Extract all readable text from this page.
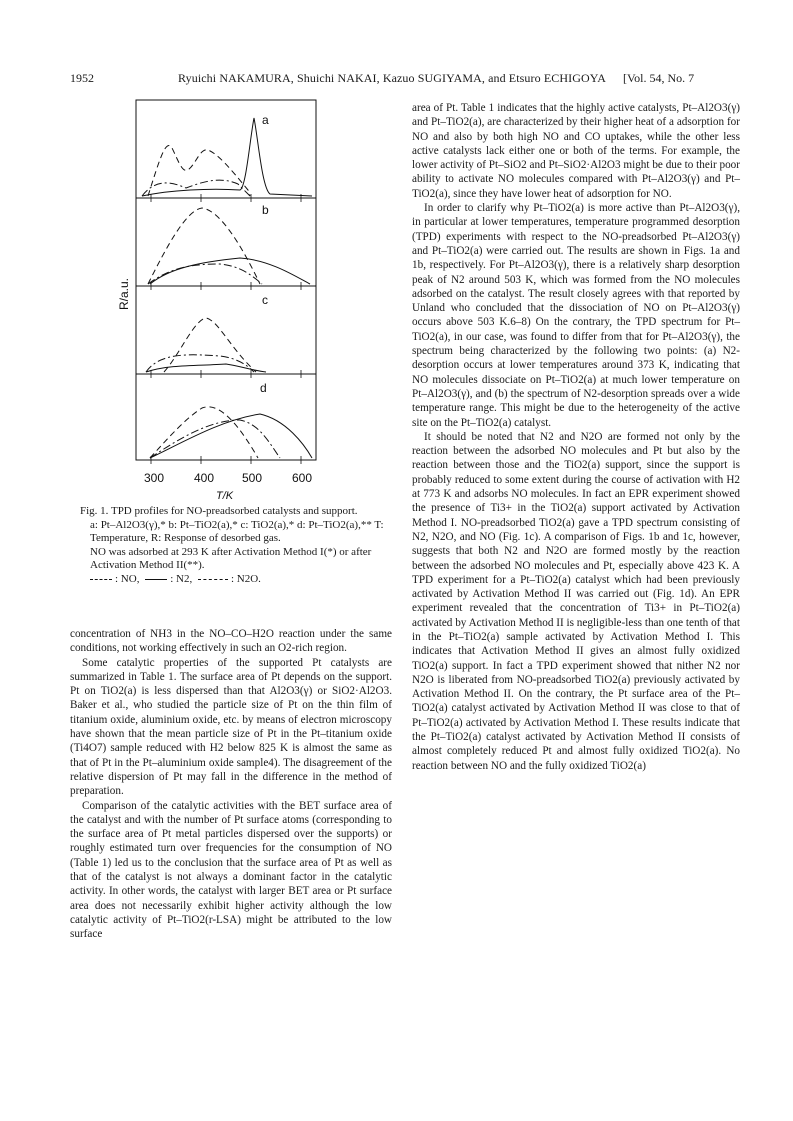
1952	Ryuichi NAKAMURA, Shuichi NAKAI, Kazuo SUGIYAMA, and Etsuro ECHIGOYA [Vol. 54, No. 7
a
b
c
d
300 400 500 600
T/K
R/a.u.
Fig. 1. TPD profiles for NO-preadsorbed catalysts and support.
a: Pt–Al2O3(γ),* b: Pt–TiO2(a),* c: TiO2(a),* d: Pt–TiO2(a),** T: Temperature, R: Response of desorbed gas.
NO was adsorbed at 293 K after Activation Method I(*) or after Activation Method II(**).
: NO,	: N2,	: N2O.

concentration of NH3 in the NO–CO–H2O reaction under the same conditions, not working effectively in such an O2-rich region.

Some catalytic properties of the supported Pt catalysts are summarized in Table 1. The surface area of Pt depends on the support. Pt on TiO2(a) is less dispersed than that Al2O3(γ) or SiO2·Al2O3. Baker et al., who studied the particle size of Pt on the thin film of titanium oxide, aluminium oxide, etc. by means of electron microscopy have shown that the mean particle size of Pt in the Pt–titanium oxide (Ti4O7) sample reduced with H2 below 825 K is almost the same as that of Pt in the Pt–aluminium oxide sample4). The disagreement of the relative dispersion of Pt may fall in the difference in the method of preparation.

Comparison of the catalytic activities with the BET surface area of the catalyst and with the number of Pt surface atoms (corresponding to the surface area of Pt metal particles dispersed over the supports) or roughly estimated turn over frequencies for the consumption of NO (Table 1) led us to the conclusion that the surface area of Pt as well as that of the catalyst is not always a dominant factor in the catalytic activity. In other words, the catalyst with larger BET area or Pt surface area does not necessarily exhibit higher activity although the low catalytic activity of Pt–TiO2(r-LSA) might be attributed to the low surface

area of Pt. Table 1 indicates that the highly active catalysts, Pt–Al2O3(γ) and Pt–TiO2(a), are characterized by their higher heat of a adsorption for NO and also by both high NO and CO uptakes, while the other less active catalysts lack either one or both of the terms. For example, the lower activity of Pt–SiO2 and Pt–SiO2·Al2O3 might be due to their poor ability to activate NO molecules compared with Pt–Al2O3(γ) and Pt–TiO2(a), since they have lower heat of adsorption for NO.

In order to clarify why Pt–TiO2(a) is more active than Pt–Al2O3(γ), in particular at lower temperatures, temperature programmed desorption (TPD) experiments with respect to the NO-preadsorbed Pt–Al2O3(γ) and Pt–TiO2(a) were carried out. The results are shown in Figs. 1a and 1b, respectively. For Pt–Al2O3(γ), there is a relatively sharp desorption peak of N2 around 503 K, which was formed from the NO molecules adsorbed on the catalyst. The result closely agrees with that reported by Unland who concluded that the dissociation of NO on Pt–Al2O3(γ) occurs above 503 K.6–8) On the contrary, the TPD spectrum for Pt–TiO2(a), in our case, was found to differ from that for Pt–Al2O3(γ), the spectrum being characterized by the following two points: (a) N2-desorption occurs at lower temperatures around 373 K, indicating that NO molecules dissociate on Pt–TiO2(a) at much lower temperature on Pt–Al2O3(γ), and (b) the spectrum of N2-desorption spreads over a wide temperature range. This might be due to the heterogeneity of the active site on the Pt–TiO2(a) catalyst.

It should be noted that N2 and N2O are formed not only by the reaction between the adsorbed NO molecules and Pt but also by the reaction between those and the TiO2(a) support, since the support is probably reduced to some extent during the course of activation with H2 at 773 K and adsorbs NO molecules. In fact an EPR experiment showed the presence of Ti3+ in the TiO2(a) support activated by Activation Method I. NO-preadsorbed TiO2(a) gave a TPD spectrum consisting of N2, N2O, and NO (Fig. 1c). A comparison of Figs. 1b and 1c, however, suggests that both N2 and N2O are formed mostly by the reaction between the adsorbed NO molecules and Pt, especially above 423 K. A TPD experiment for a Pt–TiO2(a) catalyst which had been previously activated by Activation Method II was carried out (Fig. 1d). An EPR experiment revealed that the concentration of Ti3+ in Pt–TiO2(a) activated by Activation Method II is negligible-less than one tenth of that in the Pt–TiO2(a) sample activated by Activation Method I. This indicates that Activation Method II gives an almost fully oxidized TiO2(a) support. In fact a TPD experiment showed that nither N2 nor N2O is liberated from NO-preadsorbed TiO2(a) previously activated by Activation Method II. On the contrary, the Pt surface area of the Pt–TiO2(a) catalyst activated by Activation Method II was close to that of Pt–TiO2(a) activated by Activation Method I. These results indicate that the Pt–TiO2(a) catalyst activated by Activation Method II consists of almost completely reduced Pt and almost fully oxidized TiO2(a). No reaction between NO and the fully oxidized TiO2(a)
